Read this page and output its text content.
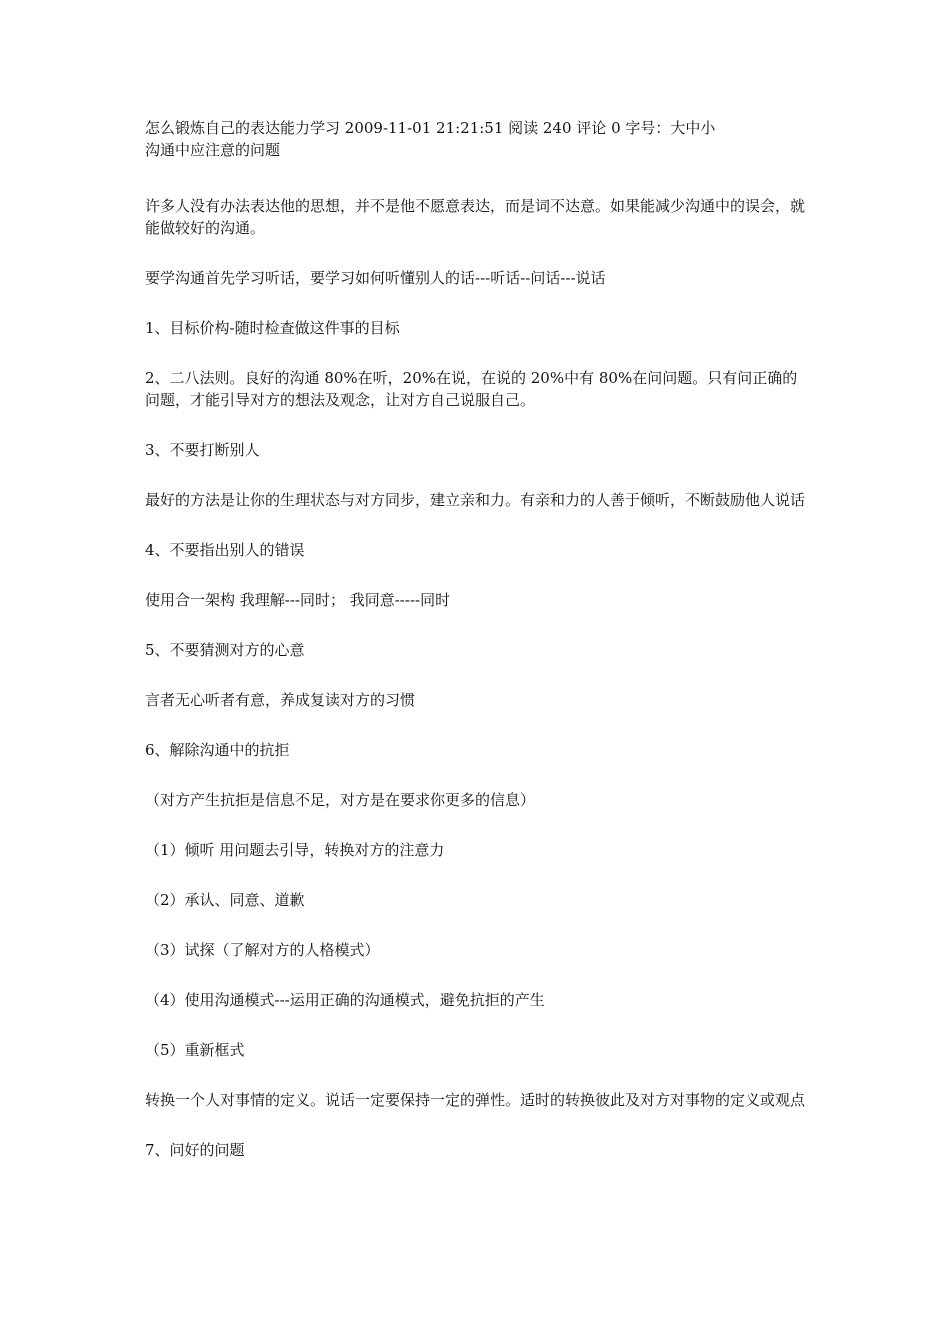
怎么锻炼自己的表达能力学习 2009-11-01 21:21:51 阅读 240 评论 0 字号：大中小

沟通中应注意的问题

许多人没有办法表达他的思想，并不是他不愿意表达，而是词不达意。如果能减少沟通中的误会，就能做较好的沟通。

要学沟通首先学习听话，要学习如何听懂别人的话---听话--问话---说话

1、目标价构-随时检查做这件事的目标

2、二八法则。良好的沟通 80%在听，20%在说，在说的 20%中有 80%在问问题。只有问正确的问题，才能引导对方的想法及观念，让对方自己说服自己。

3、不要打断别人

最好的方法是让你的生理状态与对方同步，建立亲和力。有亲和力的人善于倾听，不断鼓励他人说话

4、不要指出别人的错误

使用合一架构 我理解---同时； 我同意-----同时

5、不要猜测对方的心意

言者无心听者有意，养成复读对方的习惯

6、解除沟通中的抗拒

（对方产生抗拒是信息不足，对方是在要求你更多的信息）

（1）倾听 用问题去引导，转换对方的注意力

（2）承认、同意、道歉

（3）试探（了解对方的人格模式）

（4）使用沟通模式---运用正确的沟通模式，避免抗拒的产生

（5）重新框式

转换一个人对事情的定义。说话一定要保持一定的弹性。适时的转换彼此及对方对事物的定义或观点

7、问好的问题
